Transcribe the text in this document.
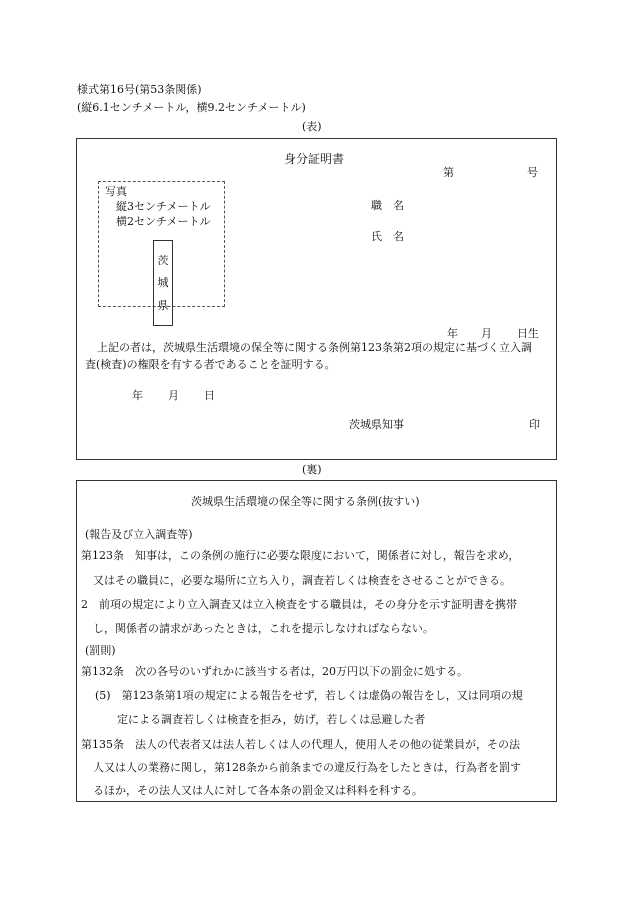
様式第16号(第53条関係)
(縦6.1センチメートル，横9.2センチメートル)
(表)
身分証明書
第	号
写真
縦3センチメートル
横2センチメートル
茨
城
県
職　名
氏　名
年 月 日生
上記の者は，茨城県生活環境の保全等に関する条例第123条第2項の規定に基づく立入調
査(検査)の権限を有する者であることを証明する。
年 月 日
茨城県知事	印
(裏)
茨城県生活環境の保全等に関する条例(抜すい)
(報告及び立入調査等)
第123条　知事は，この条例の施行に必要な限度において，関係者に対し，報告を求め，
又はその職員に，必要な場所に立ち入り，調査若しくは検査をさせることができる。
2　前項の規定により立入調査又は立入検査をする職員は，その身分を示す証明書を携帯
し，関係者の請求があったときは，これを提示しなければならない。
(罰則)
第132条　次の各号のいずれかに該当する者は，20万円以下の罰金に処する。
(5)　第123条第1項の規定による報告をせず，若しくは虚偽の報告をし，又は同項の規
定による調査若しくは検査を拒み，妨げ，若しくは忌避した者
第135条　法人の代表者又は法人若しくは人の代理人，使用人その他の従業員が，その法
人又は人の業務に関し，第128条から前条までの違反行為をしたときは，行為者を罰す
るほか，その法人又は人に対して各本条の罰金又は科料を科する。
